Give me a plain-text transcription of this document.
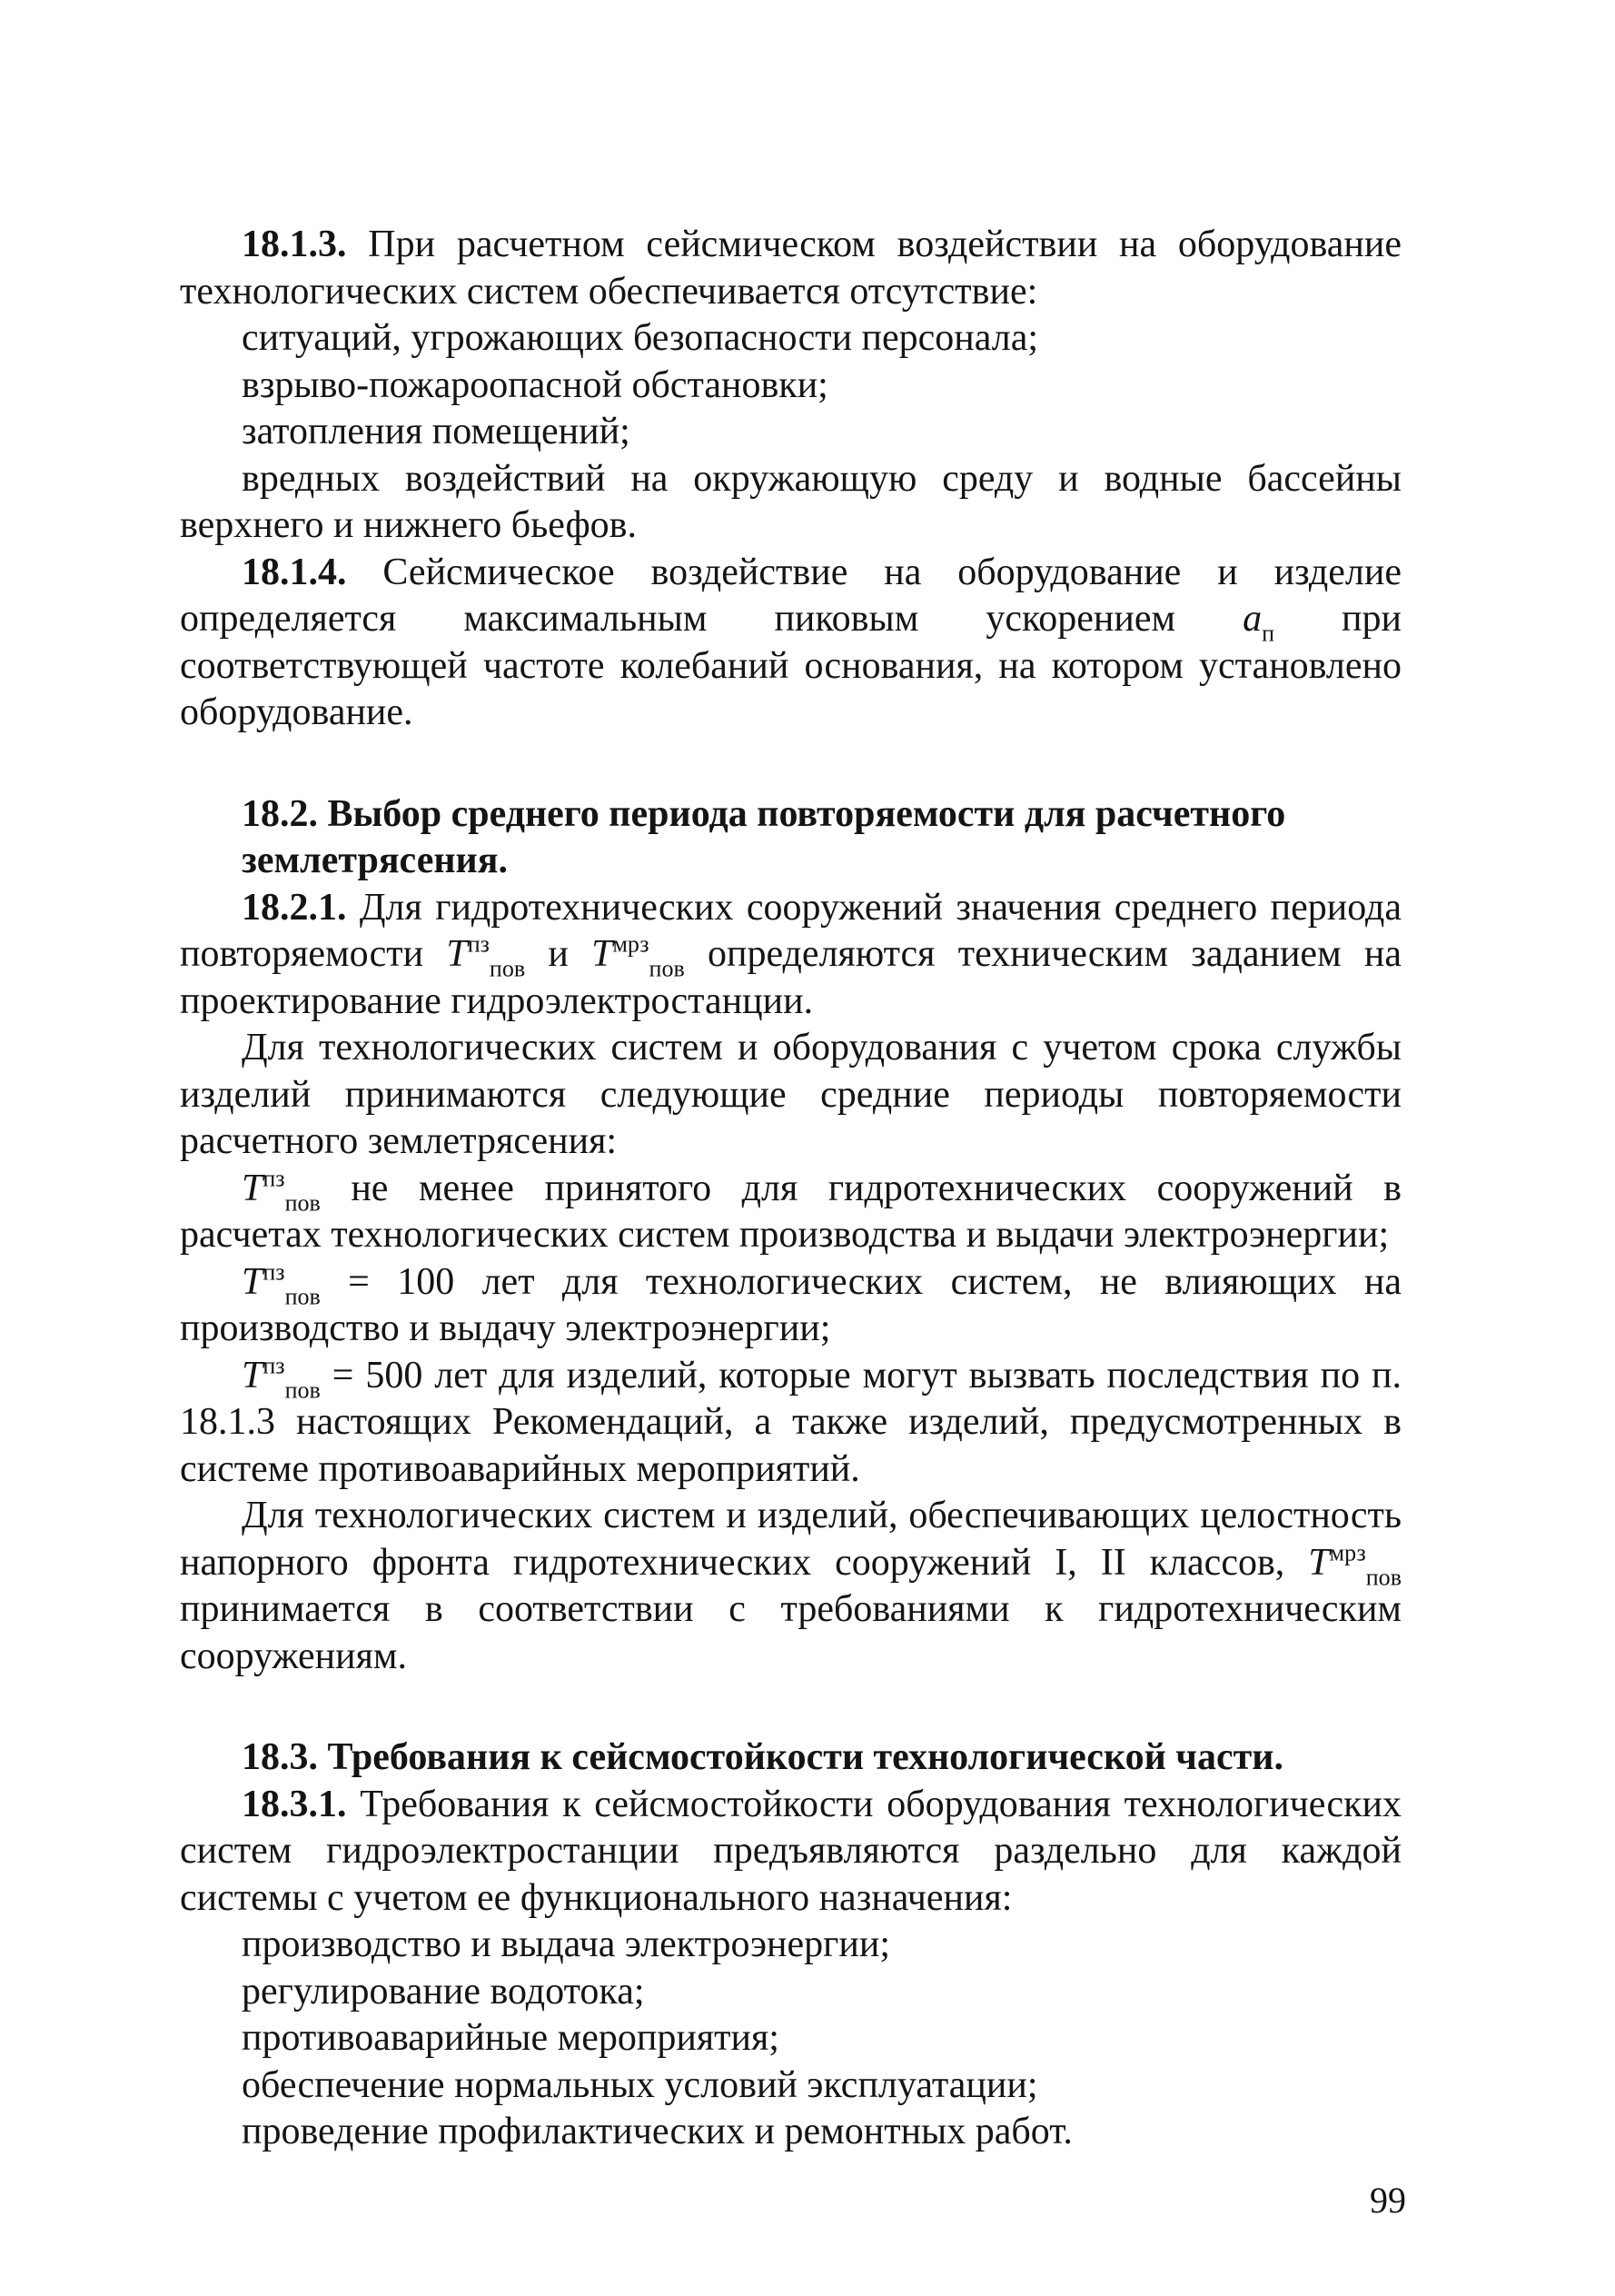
18.1.3. При расчетном сейсмическом воздействии на оборудование технологических систем обеспечивается отсутствие:

ситуаций, угрожающих безопасности персонала;

взрыво-пожароопасной обстановки;

затопления помещений;

вредных воздействий на окружающую среду и водные бассейны верхнего и нижнего бьефов.

18.1.4. Сейсмическое воздействие на оборудование и изделие определяется максимальным пиковым ускорением $a_п$ при соответствующей частоте колебаний основания, на котором установлено оборудование.

18.2. Выбор среднего периода повторяемости для расчетного землетрясения.

18.2.1. Для гидротехнических сооружений значения среднего периода повторяемости $T^{пз}_{пов}$ и $T^{мрз}_{пов}$ определяются техническим заданием на проектирование гидроэлектростанции.

Для технологических систем и оборудования с учетом срока службы изделий принимаются следующие средние периоды повторяемости расчетного землетрясения:

$T^{пз}_{пов}$ не менее принятого для гидротехнических сооружений в расчетах технологических систем производства и выдачи электроэнергии;

$T^{пз}_{пов} = 100$ лет для технологических систем, не влияющих на производство и выдачу электроэнергии;

$T^{пз}_{пов} = 500$ лет для изделий, которые могут вызвать последствия по п. 18.1.3 настоящих Рекомендаций, а также изделий, предусмотренных в системе противоаварийных мероприятий.

Для технологических систем и изделий, обеспечивающих целостность напорного фронта гидротехнических сооружений I, II классов, $T^{мрз}_{пов}$ принимается в соответствии с требованиями к гидротехническим сооружениям.

18.3. Требования к сейсмостойкости технологической части.

18.3.1. Требования к сейсмостойкости оборудования технологических систем гидроэлектростанции предъявляются раздельно для каждой системы с учетом ее функционального назначения:

производство и выдача электроэнергии;

регулирование водотока;

противоаварийные мероприятия;

обеспечение нормальных условий эксплуатации;

проведение профилактических и ремонтных работ.

99
